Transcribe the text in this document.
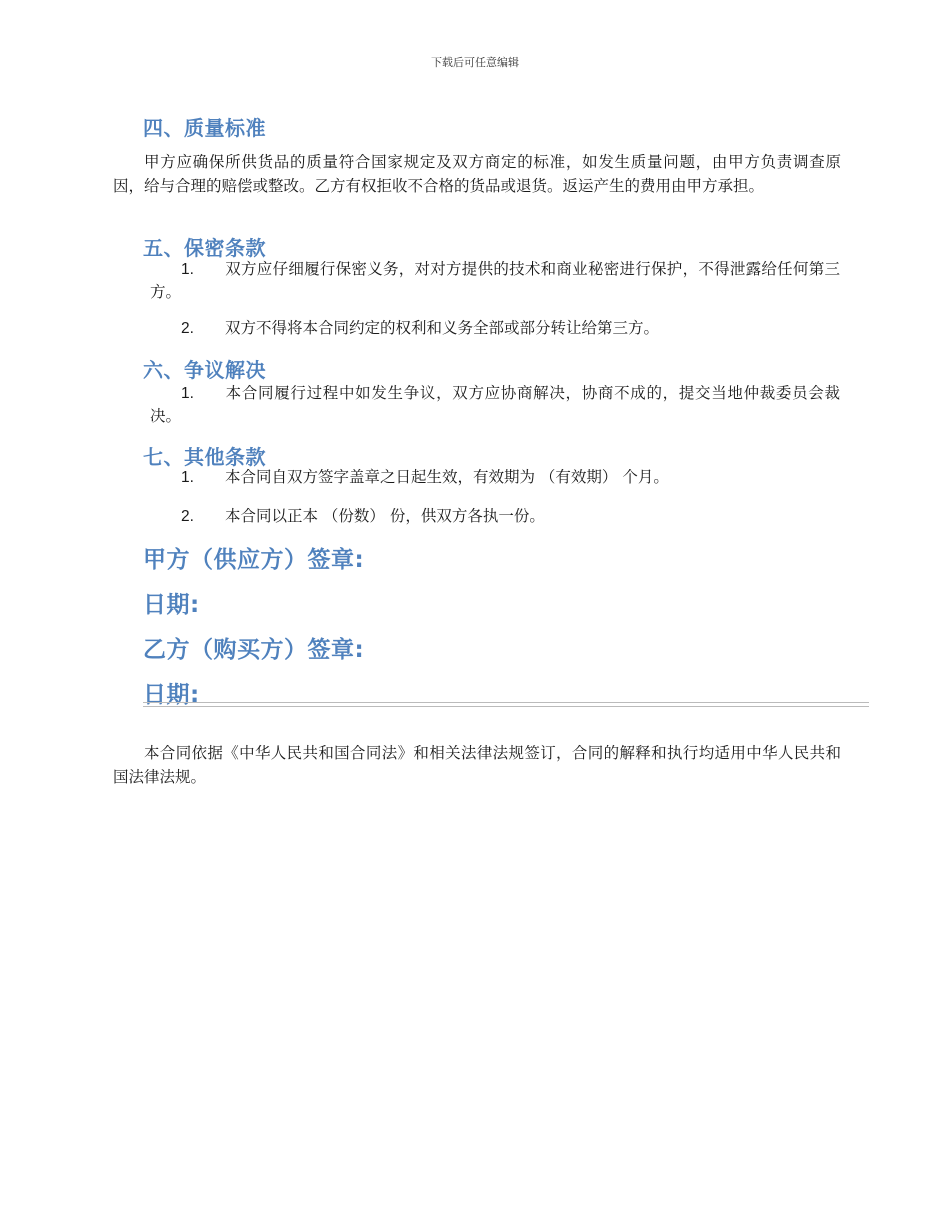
下载后可任意编辑
四、质量标准

甲方应确保所供货品的质量符合国家规定及双方商定的标准，如发生质量问题，由甲方负责调查原因，给与合理的赔偿或整改。乙方有权拒收不合格的货品或退货。返运产生的费用由甲方承担。

五、保密条款
1. 双方应仔细履行保密义务，对对方提供的技术和商业秘密进行保护，不得泄露给任何第三方。
2. 双方不得将本合同约定的权利和义务全部或部分转让给第三方。
六、争议解决
1. 本合同履行过程中如发生争议，双方应协商解决，协商不成的，提交当地仲裁委员会裁决。
七、其他条款
1. 本合同自双方签字盖章之日起生效，有效期为 （有效期） 个月。
2. 本合同以正本 （份数） 份，供双方各执一份。
甲方（供应方）签章:
日期:
乙方（购买方）签章:
日期:

本合同依据《中华人民共和国合同法》和相关法律法规签订，合同的解释和执行均适用中华人民共和国法律法规。
